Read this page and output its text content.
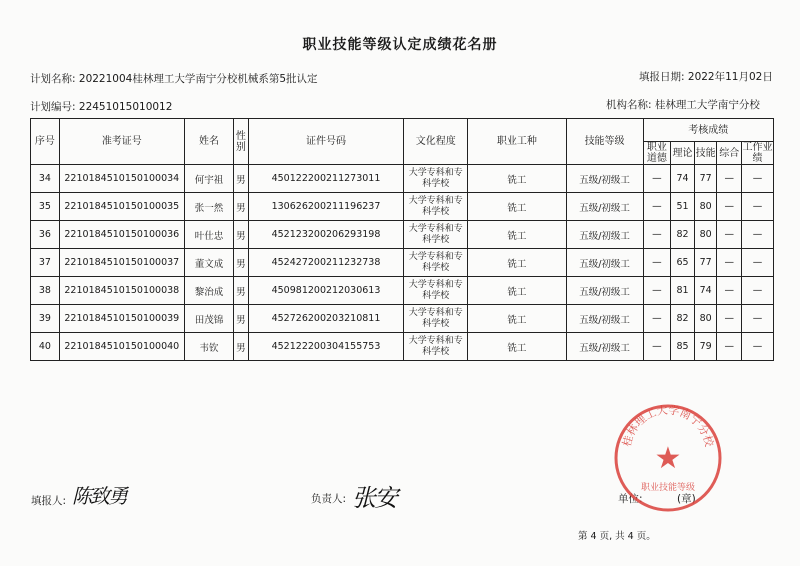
职业技能等级认定成绩花名册
计划名称: 20221004桂林理工大学南宁分校机械系第5批认定	填报日期: 2022年11月02日
计划编号: 22451015010012	机构名称: 桂林理工大学南宁分校
序号	准考证号	姓名	性别	证件号码	文化程度	职业工种	技能等级	考核成绩				
								职业道德	理论	技能	综合	工作业绩
34	2210184510150100034	何宇祖	男	450122200211273011	大学专科和专科学校	铣工	五级/初级工	—	74	77	—	—
35	2210184510150100035	张一然	男	130626200211196237	大学专科和专科学校	铣工	五级/初级工	—	51	80	—	—
36	2210184510150100036	叶仕忠	男	452123200206293198	大学专科和专科学校	铣工	五级/初级工	—	82	80	—	—
37	2210184510150100037	董文成	男	452427200211232738	大学专科和专科学校	铣工	五级/初级工	—	65	77	—	—
38	2210184510150100038	黎治成	男	450981200212030613	大学专科和专科学校	铣工	五级/初级工	—	81	74	—	—
39	2210184510150100039	田茂锦	男	452726200203210811	大学专科和专科学校	铣工	五级/初级工	—	82	80	—	—
40	2210184510150100040	韦钦	男	452122200304155753	大学专科和专科学校	铣工	五级/初级工	—	85	79	—	—
填报人: 陈致勇	负责人: 张安	单位:	(章)
桂林理工大学南宁分校
★
职业技能等级
第 4 页, 共 4 页。
